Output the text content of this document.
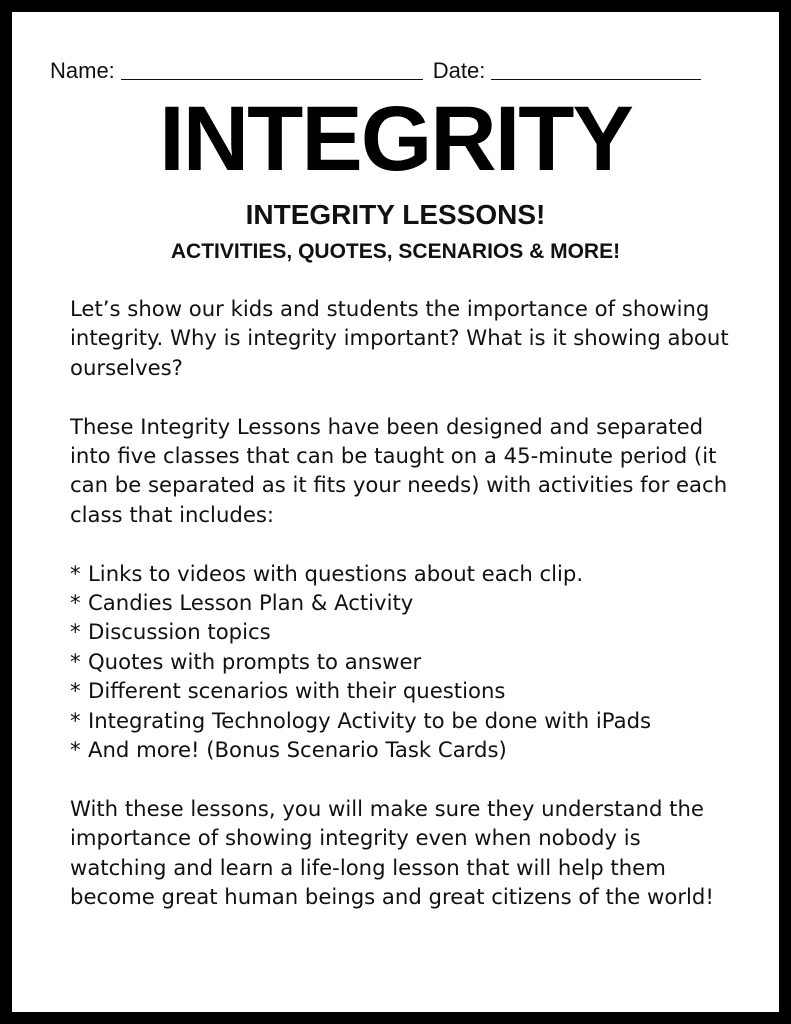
Name:	Date:
INTEGRITY
INTEGRITY LESSONS!
ACTIVITIES, QUOTES, SCENARIOS & MORE!

Let’s show our kids and students the importance of showing integrity. Why is integrity important? What is it showing about ourselves?

These Integrity Lessons have been designed and separated into five classes that can be taught on a 45-minute period (it can be separated as it fits your needs) with activities for each class that includes:

* Links to videos with questions about each clip.
* Candies Lesson Plan & Activity
* Discussion topics
* Quotes with prompts to answer
* Different scenarios with their questions
* Integrating Technology Activity to be done with iPads
* And more! (Bonus Scenario Task Cards)

With these lessons, you will make sure they understand the importance of showing integrity even when nobody is watching and learn a life-long lesson that will help them become great human beings and great citizens of the world!
